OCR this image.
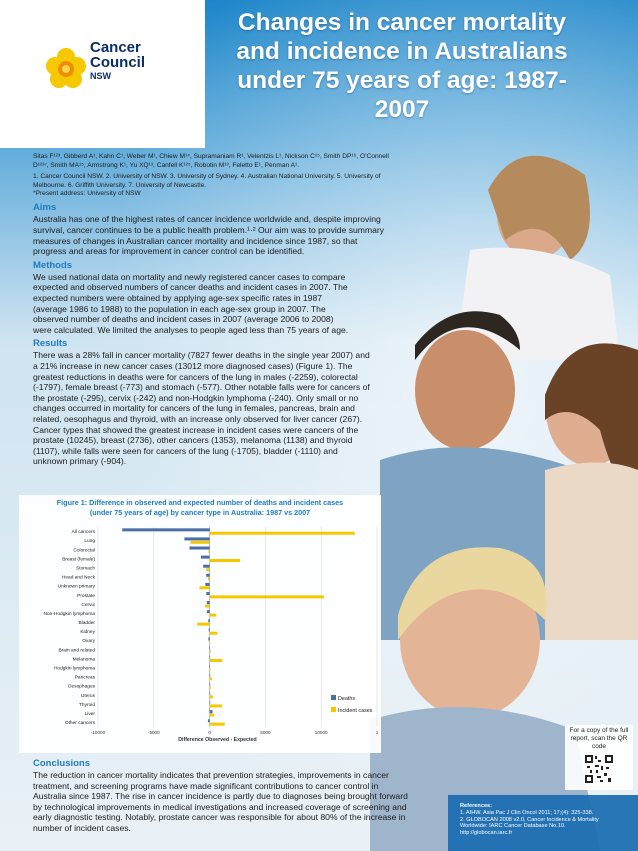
Cancer
Council
NSW
Changes in cancer mortality and incidence in Australians under 75 years of age: 1987-2007
Sitas F¹²³, Gibberd A¹, Kahn C¹, Weber M¹, Chiew M¹⁴, Supramaniam R¹, Velentzis L¹, Nickson C¹⁵, Smith DP¹⁶, O’Connell D¹²³⁷, Smith MA¹⁵, Armstrong K¹, Yu XQ¹³, Canfell K¹²⁵, Robotin M¹³, Feletto E¹, Penman A¹.
1. Cancer Council NSW. 2. University of NSW. 3. University of Sydney. 4. Australian National University. 5. University of Melbourne. 6. Griffith University. 7. University of Newcastle.
*Present address: University of NSW
Aims

Australia has one of the highest rates of cancer incidence worldwide and, despite improving survival, cancer continues to be a public health problem.¹·² Our aim was to provide summary measures of changes in Australian cancer mortality and incidence since 1987, so that progress and areas for improvement in cancer control can be identified.

Methods

We used national data on mortality and newly registered cancer cases to compare expected and observed numbers of cancer deaths and incident cases in 2007. The expected numbers were obtained by applying age-sex specific rates in 1987 (average 1986 to 1988) to the population in each age-sex group in 2007. The observed number of deaths and incident cases in 2007 (average 2006 to 2008) were calculated. We limited the analyses to people aged less than 75 years of age.

Results

There was a 28% fall in cancer mortality (7827 fewer deaths in the single year 2007) and a 21% increase in new cancer cases (13012 more diagnosed cases) (Figure 1). The greatest reductions in deaths were for cancers of the lung in males (-2259), colorectal (-1797), female breast (-773) and stomach (-577). Other notable falls were for cancers of the prostate (-295), cervix (-242) and non-Hodgkin lymphoma (-240). Only small or no changes occurred in mortality for cancers of the lung in females, pancreas, brain and related, oesophagus and thyroid, with an increase only observed for liver cancer (267). Cancer types that showed the greatest increase in incident cases were cancers of the prostate (10245), breast (2736), other cancers (1353), melanoma (1138) and thyroid (1107), while falls were seen for cancers of the lung (-1705), bladder (-1110) and unknown primary (-904).

Figure 1: Difference in observed and expected number of deaths and incident cases
(under 75 years of age) by cancer type in Australia: 1987 vs 2007
All cancers
Lung
Colorectal
Breast (female)
Stomach
Head and Neck
Unknown primary
Prostate
Cervix
Non-Hodgkin lymphoma
Bladder
Kidney
Ovary
Brain and related
Melanoma
Hodgkin lymphoma
Pancreas
Oesophagus
Uterus
Thyroid
Liver
Other cancers
-10000	-5000	0	5000	10000	1
Difference Observed - Expected
Deaths
Incident cases
Conclusions

The reduction in cancer mortality indicates that prevention strategies, improvements in cancer treatment, and screening programs have made significant contributions to cancer control in Australia since 1987. The rise in cancer incidence is partly due to diagnoses being brought forward by technological improvements in medical investigations and increased coverage of screening and early diagnostic testing. Notably, prostate cancer was responsible for about 80% of the increase in number of incident cases.

For a copy of the full report, scan the QR code
References:
1. AIHW. Asia Pac J Clin Oncol 2011; 17;(4): 325-338.
2. GLOBOCAN 2008 v2.0, Cancer Incidence & Mortality Worldwide: IARC Cancer Database No.10. http://globocan.iarc.fr
